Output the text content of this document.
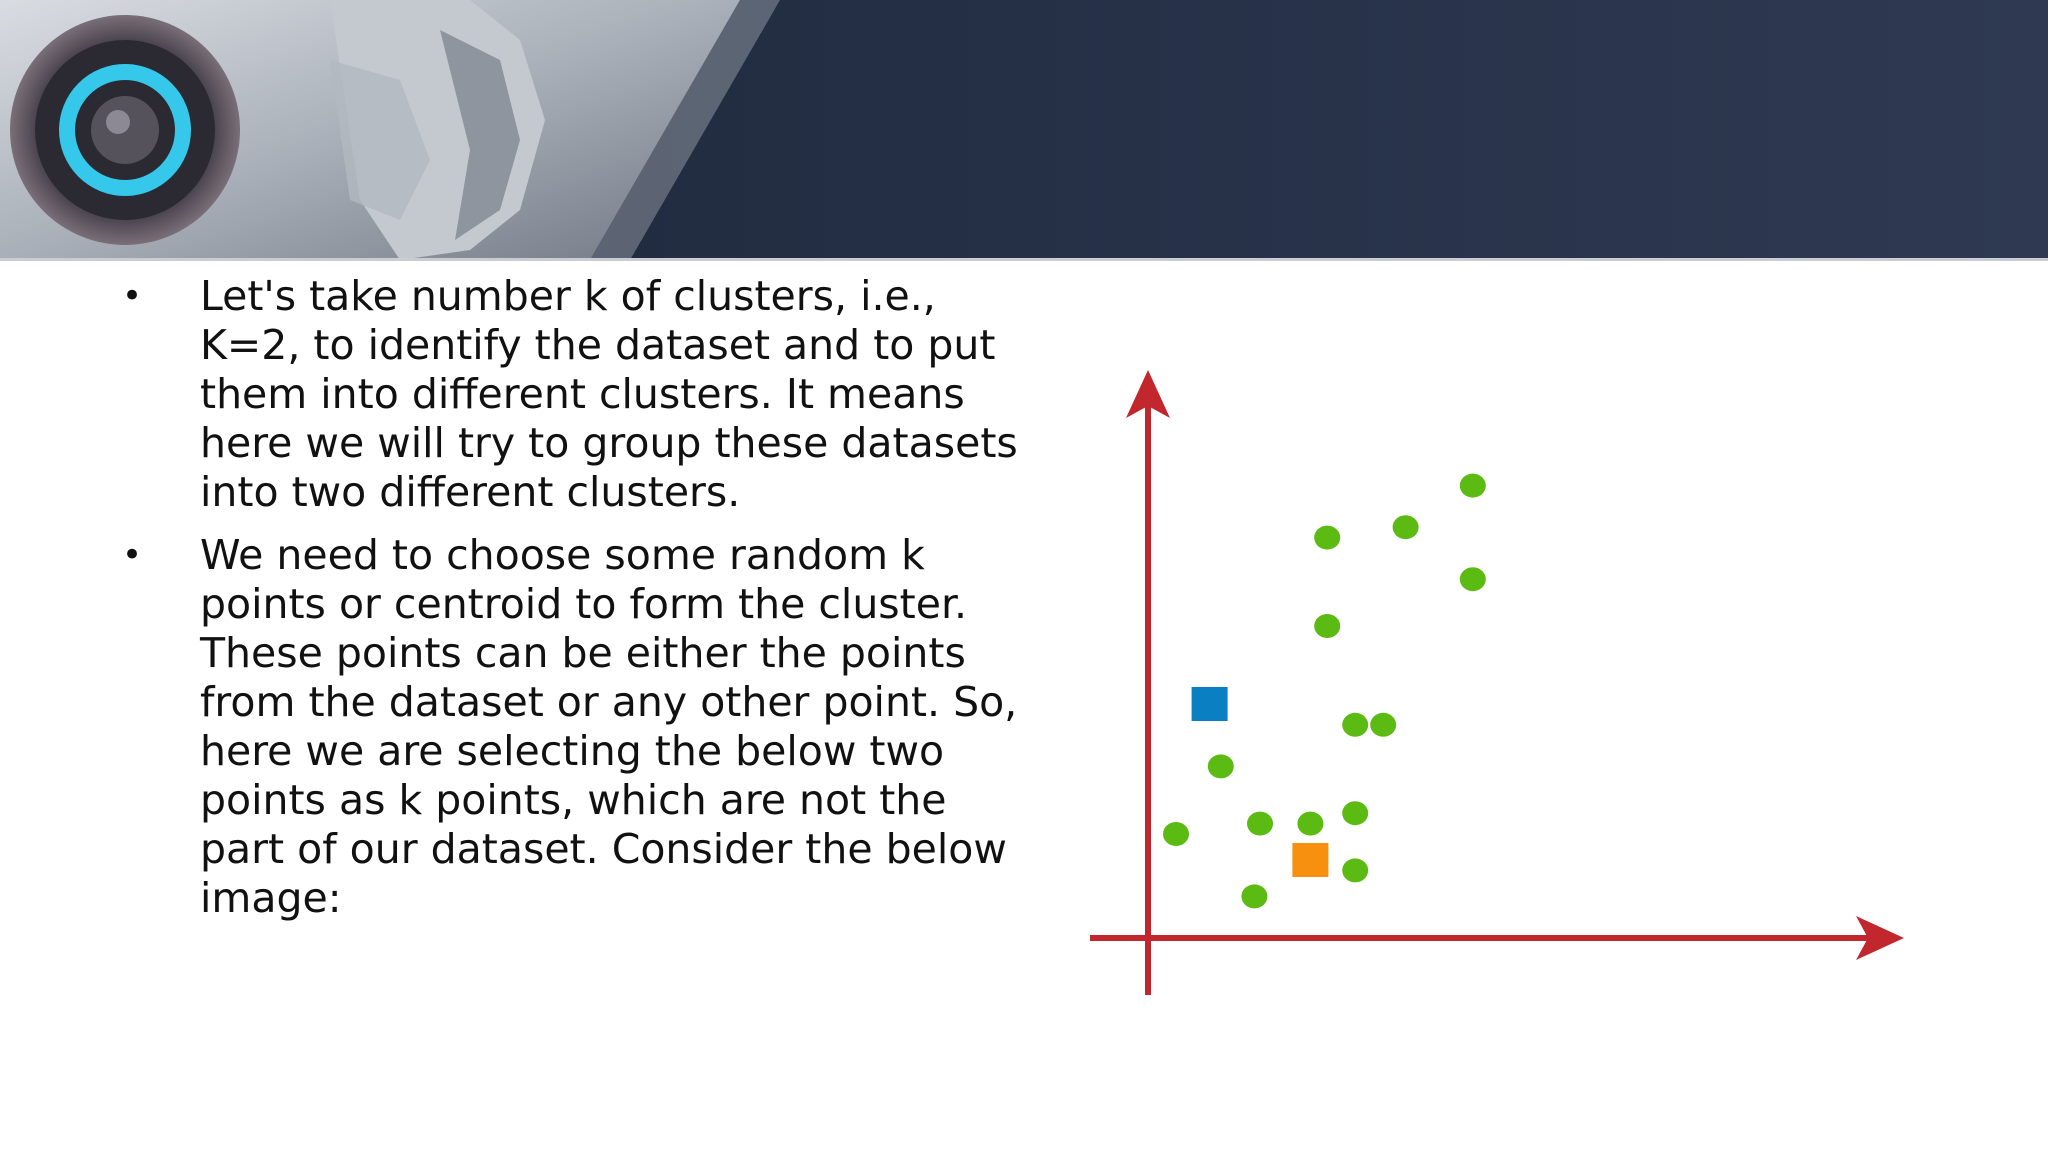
• Let's take number k of clusters, i.e., K=2, to identify the dataset and to put them into different clusters. It means here we will try to group these datasets into two different clusters.
• We need to choose some random k points or centroid to form the cluster. These points can be either the points from the dataset or any other point. So, here we are selecting the below two points as k points, which are not the part of our dataset. Consider the below image:
